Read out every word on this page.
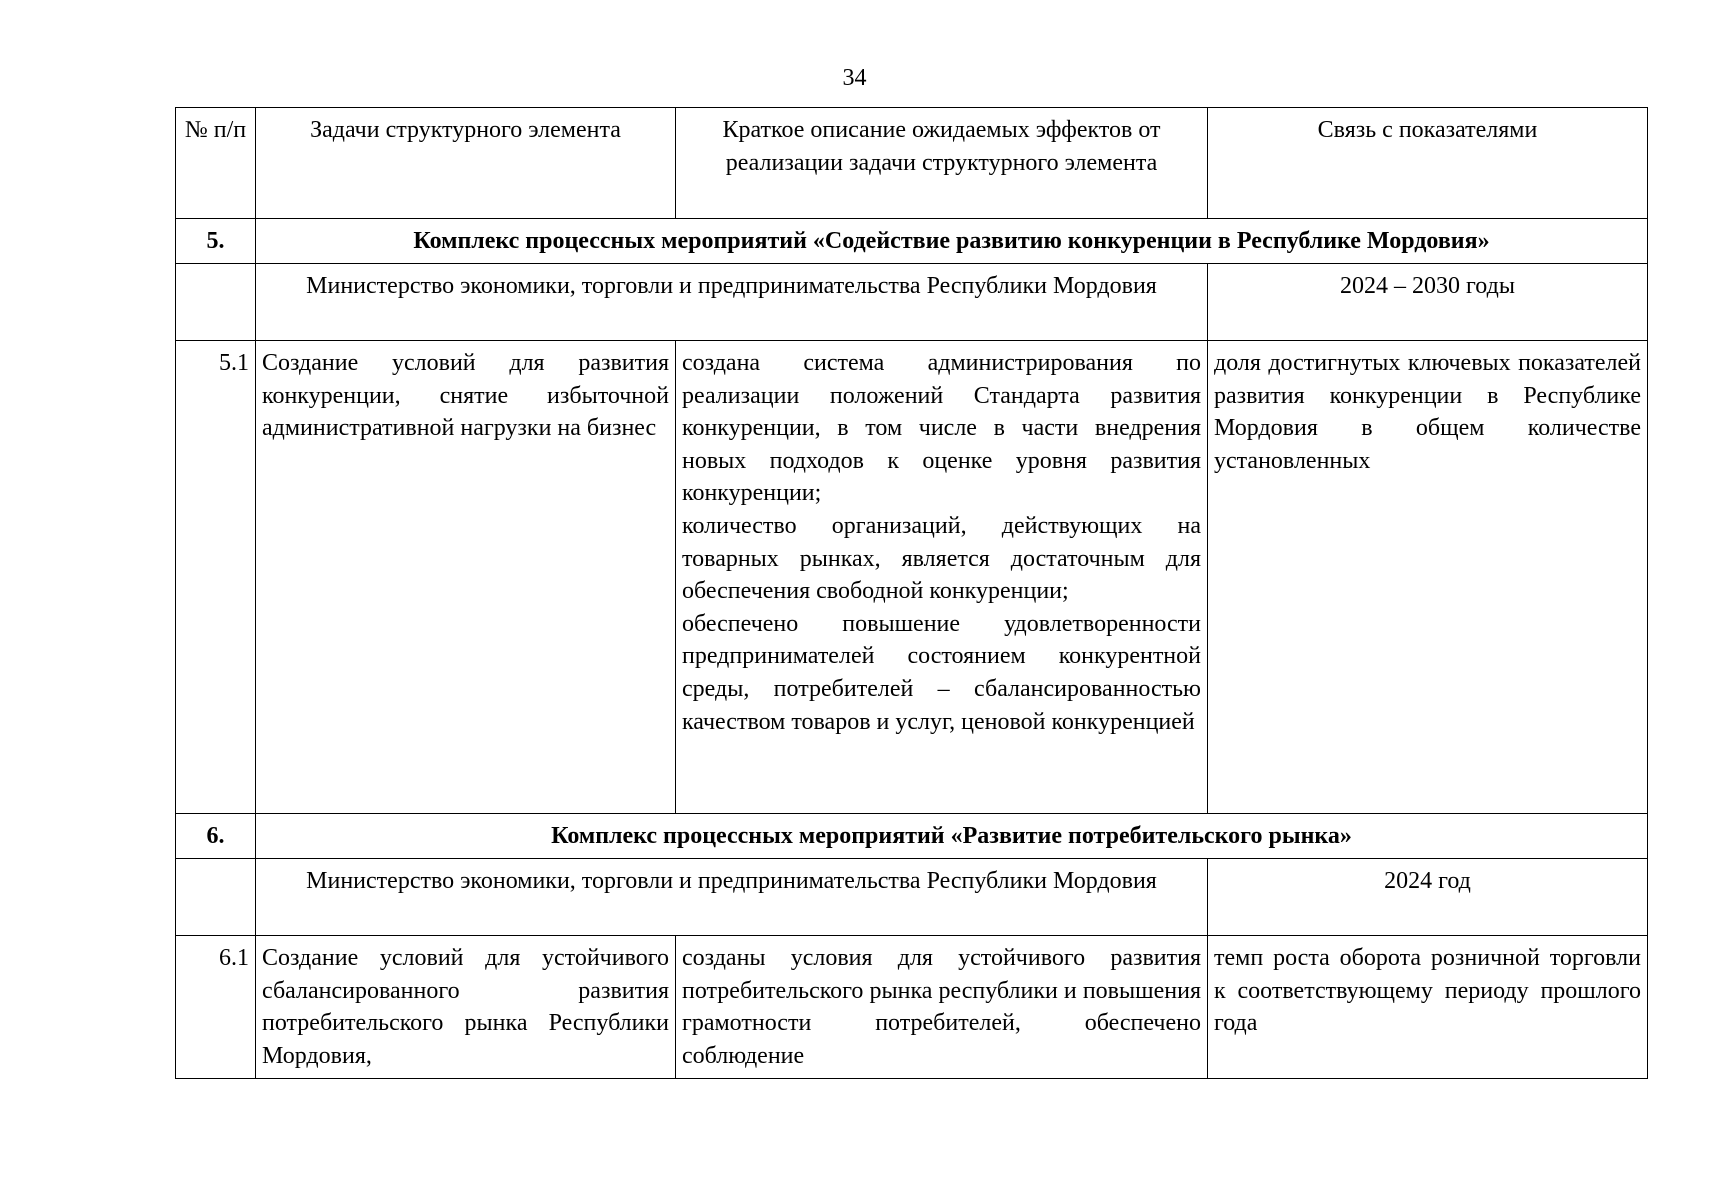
34
№ п/п	Задачи структурного элемента	Краткое описание ожидаемых эффектов от реализации задачи структурного элемента	Связь с показателями
5.	Комплекс процессных мероприятий «Содействие развитию конкуренции в Республике Мордовия»		
	Министерство экономики, торговли и предпринимательства Республики Мордовия		2024 – 2030 годы
5.1	Создание условий для развития конкуренции, снятие избыточной административной нагрузки на бизнес	создана система администрирования по реализации положений Стандарта развития конкуренции, в том числе в части внедрения новых подходов к оценке уровня развития конкуренции;
количество организаций, действующих на товарных рынках, является достаточным для обеспечения свободной конкуренции;
обеспечено повышение удовлетворенности предпринимателей состоянием конкурентной среды, потребителей – сбалансированностью качеством товаров и услуг, ценовой конкуренцией	доля достигнутых ключевых показателей развития конкуренции в Республике Мордовия в общем количестве установленных
6.	Комплекс процессных мероприятий «Развитие потребительского рынка»		
	Министерство экономики, торговли и предпринимательства Республики Мордовия		2024 год
6.1	Создание условий для устойчивого сбалансированного развития потребительского рынка Республики Мордовия,	созданы условия для устойчивого развития потребительского рынка республики и повышения грамотности потребителей, обеспечено соблюдение	темп роста оборота розничной торговли к соответствующему периоду прошлого года
